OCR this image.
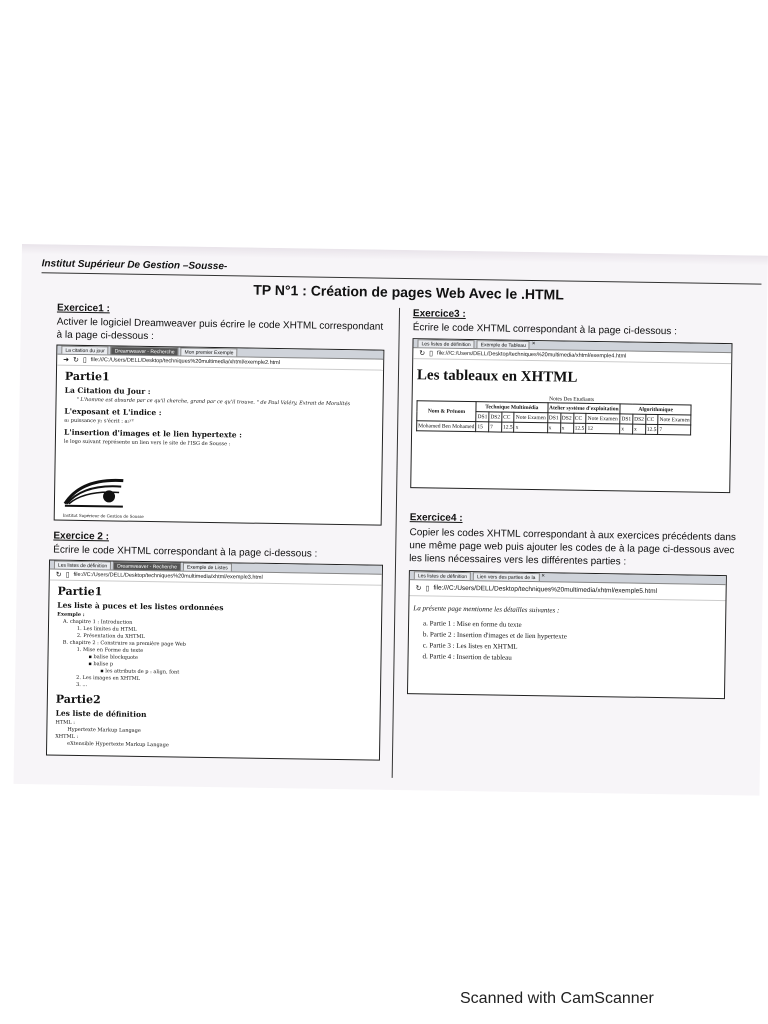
Institut Supérieur De Gestion –Sousse-
TP N°1 : Création de pages Web Avec le .HTML
Exercice1 :
Activer le logiciel Dreamweaver puis écrire le code XHTML correspondant
à la page ci-dessous :
La citation du jour	Dreamweaver - Recherche	Mon premier Exemple
➜ ↻ ▯ file:///C:/Users/DELL/Desktop/techniques%20multimedia/xhtml/exemple2.html
Partie1
La Citation du Jour :
" L'homme est absurde par ce qu'il cherche, grand par ce qu'il trouve. " de Paul Valéry, Extrait de Moralités
L'exposant et L'indice :
a₂ puissance y₂ s'écrit : a₂ʸ²
L'insertion d'images et le lien hypertexte :
le logo suivant représente un lien vers le site de l'ISG de Sousse :
Institut Supérieur de Gestion de Sousse
Exercice 2 :
Écrire le code XHTML correspondant à la page ci-dessous :
Les listes de définition	Dreamweaver - Recherche	Exemple de Listes
↻ ▯ file:///C:/Users/DELL/Desktop/techniques%20multimedia/xhtml/exemple3.html
Partie1
Les liste à puces et les listes ordonnées
Exemple :
A. chapitre 1 : Introduction
1. Les limites du HTML
2. Présentation du XHTML
B. chapitre 2 : Construire sa première page Web
1. Mise en Forme du texte
▪ balise blockquote
▪ balise p
▪ les attributs de p : align, font
2. Les images en XHTML
3. ...
Partie2
Les liste de définition
HTML :
Hypertexte Markup Langage
XHTML :
eXtensible Hypertexte Markup Langage
Exercice3 :
Écrire le code XHTML correspondant à la page ci-dessous :
Les listes de définition	Exemple de Tableau ×
↻ ▯ file:///C:/Users/DELL/Desktop/techniques%20multimedia/xhtml/exemple4.html
Les tableaux en XHTML
Notes Des Etudiants
Nom & Prénom	Technique Multimédia				Atelier système d'exploitation				Algorithmique			
	DS1	DS2	CC	Note Examen	DS1	DS2	CC	Note Examen	DS1	DS2	CC	Note Examen
Mohamed Ben Mohamed	15	7	12.5	x	x	x	12.5	12	x	x	12.5	7
Exercice4 :
Copier les codes XHTML correspondant à aux exercices précédents dans
une même page web puis ajouter les codes de à la page ci-dessous avec
les liens nécessaires vers les différentes parties :
Les listes de définition	Lien vers des parties de la ×
↻ ▯ file:///C:/Users/DELL/Desktop/techniques%20multimedia/xhtml/exemple5.html
La présente page mentionne les détailles suivantes :
a. Partie 1 : Mise en forme du texte
b. Partie 2 : Insertion d'images et de lien hypertexte
c. Partie 3 : Les listes en XHTML
d. Partie 4 : Insertion de tableau
Scanned with CamScanner
